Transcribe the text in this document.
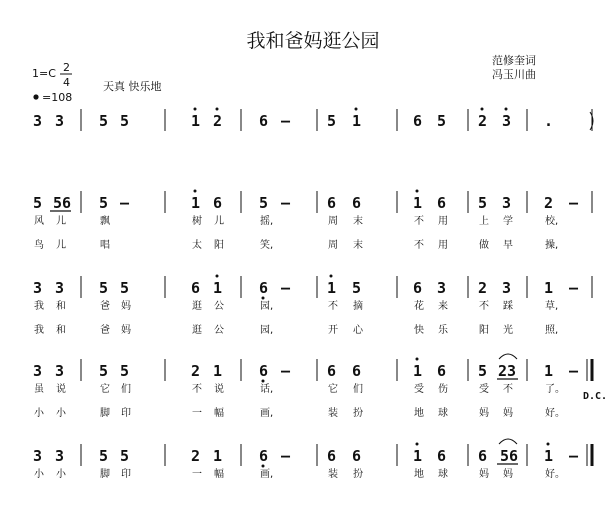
我和爸妈逛公园
范修奎词
冯玉川曲
1=C 2
4
=108
天真 快乐地
D.C.
3 3 5 5	1 2 6 – 5 1	6 5 2 3 .
5 56 5 –	1 6 5 – 6 6	1 6 5 3 2 –
风 儿	飘	树 儿	摇,	周 末	不 用	上 学	校,
鸟 儿	唱	太 阳	笑,	周 末	不 用	做 早	操,
3 3 5 5	6 1 6 – 1 5	6 3 2 3 1 –
我 和	爸 妈	逛 公	园,	不 摘	花 来	不 踩	草,
我 和	爸 妈	逛 公	园,	开 心	快 乐	阳 光	照,
3 3 5 5	2 1 6 – 6 6	1 6 5 23 1 –
虽 说	它 们	不 说	话,	它 们	受 伤	受 不	了。
小 小	脚 印	一 幅	画,	装 扮	地 球	妈 妈	好。
3 3 5 5	2 1 6 – 6 6	1 6 6 56 1 –
小 小	脚 印	一 幅	画,	装 扮	地 球	妈 妈	好。
